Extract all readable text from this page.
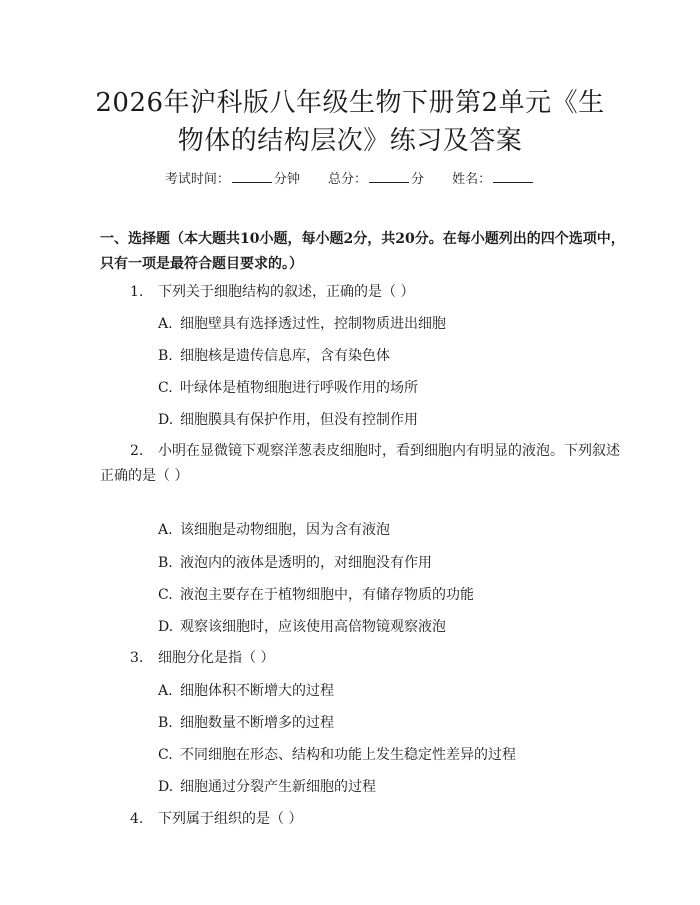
2026年沪科版八年级生物下册第2单元《生
物体的结构层次》练习及答案
考试时间：	分钟 总分：	分 姓名：

一、选择题（本大题共10小题，每小题2分，共20分。在每小题列出的四个选项中，只有一项是最符合题目要求的。）

1. 下列关于细胞结构的叙述，正确的是（ ）
A. 细胞壁具有选择透过性，控制物质进出细胞
B. 细胞核是遗传信息库，含有染色体
C. 叶绿体是植物细胞进行呼吸作用的场所
D. 细胞膜具有保护作用，但没有控制作用
2. 小明在显微镜下观察洋葱表皮细胞时，看到细胞内有明显的液泡。下列叙述正确的是（ ）
A. 该细胞是动物细胞，因为含有液泡
B. 液泡内的液体是透明的，对细胞没有作用
C. 液泡主要存在于植物细胞中，有储存物质的功能
D. 观察该细胞时，应该使用高倍物镜观察液泡
3. 细胞分化是指（ ）
A. 细胞体积不断增大的过程
B. 细胞数量不断增多的过程
C. 不同细胞在形态、结构和功能上发生稳定性差异的过程
D. 细胞通过分裂产生新细胞的过程
4. 下列属于组织的是（ ）
